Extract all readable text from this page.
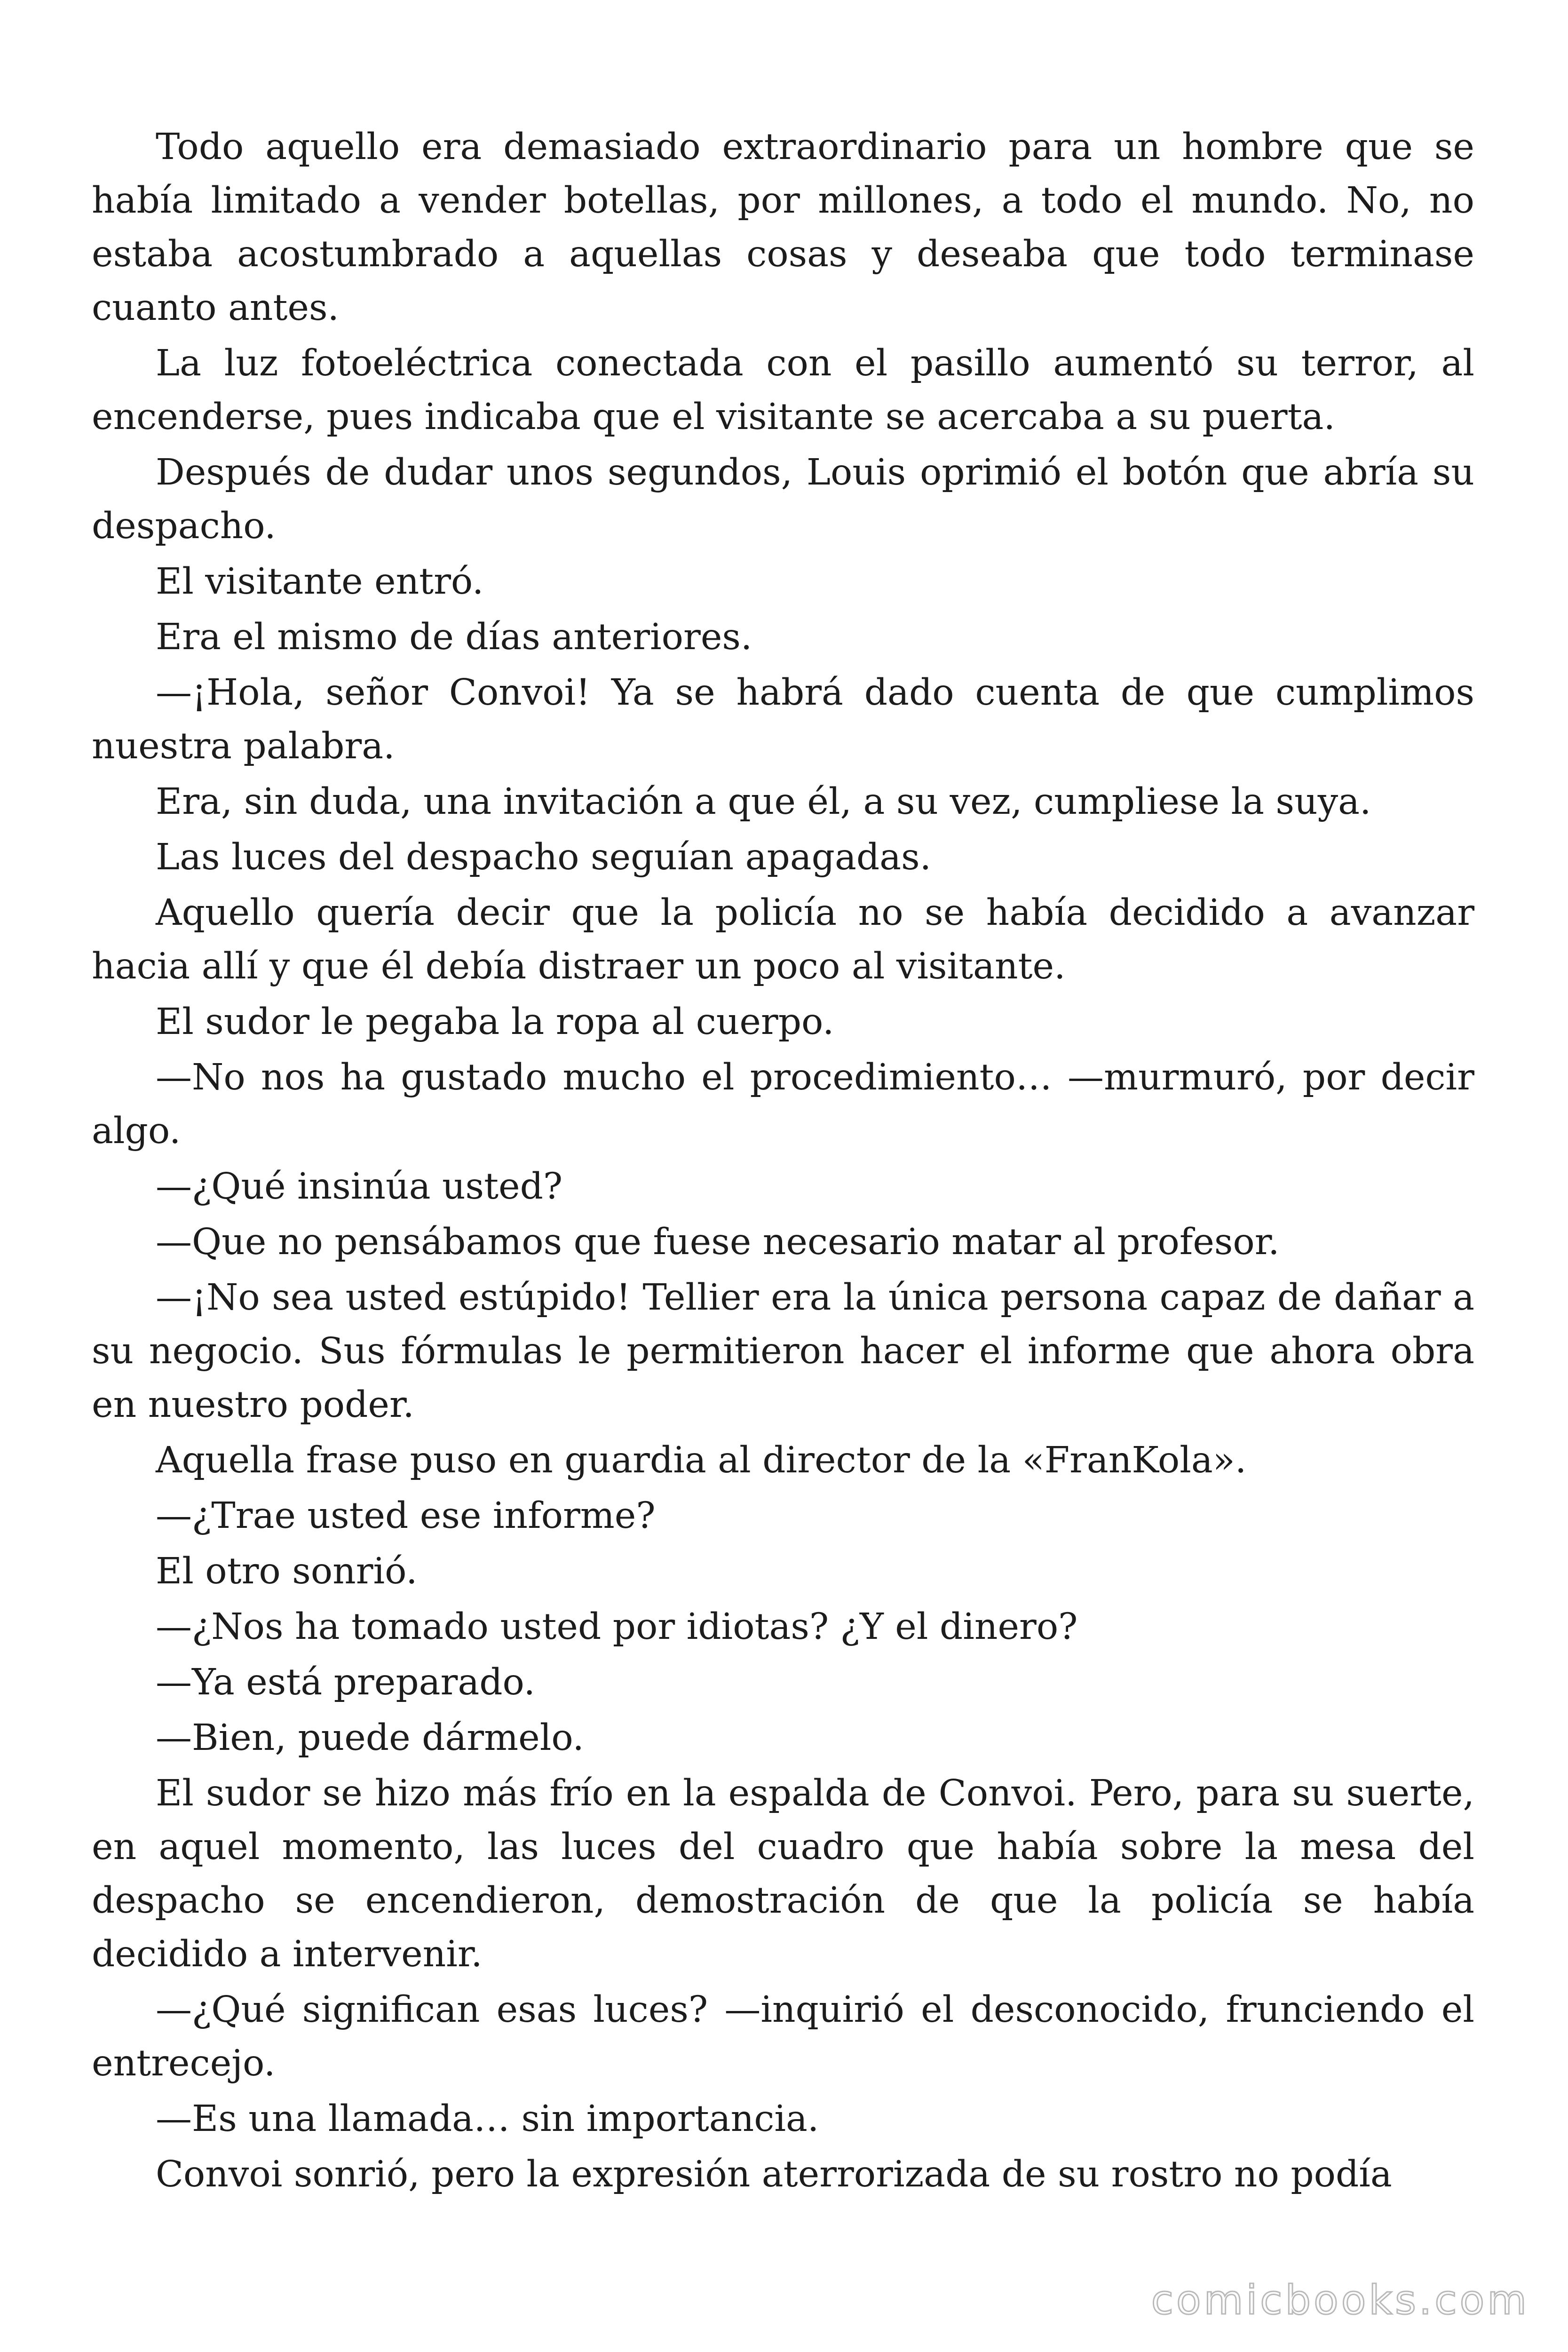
Todo aquello era demasiado extraordinario para un hombre que se había limitado a vender botellas, por millones, a todo el mundo. No, no estaba acostumbrado a aquellas cosas y deseaba que todo terminase cuanto antes.

La luz fotoeléctrica conectada con el pasillo aumentó su terror, al encenderse, pues indicaba que el visitante se acercaba a su puerta.

Después de dudar unos segundos, Louis oprimió el botón que abría su despacho.

El visitante entró.

Era el mismo de días anteriores.

—¡Hola, señor Convoi! Ya se habrá dado cuenta de que cumplimos nuestra palabra.

Era, sin duda, una invitación a que él, a su vez, cumpliese la suya.

Las luces del despacho seguían apagadas.

Aquello quería decir que la policía no se había decidido a avanzar hacia allí y que él debía distraer un poco al visitante.

El sudor le pegaba la ropa al cuerpo.

—No nos ha gustado mucho el procedimiento… —murmuró, por decir algo.

—¿Qué insinúa usted?

—Que no pensábamos que fuese necesario matar al profesor.

—¡No sea usted estúpido! Tellier era la única persona capaz de dañar a su negocio. Sus fórmulas le permitieron hacer el informe que ahora obra en nuestro poder.

Aquella frase puso en guardia al director de la «FranKola».

—¿Trae usted ese informe?

El otro sonrió.

—¿Nos ha tomado usted por idiotas? ¿Y el dinero?

—Ya está preparado.

—Bien, puede dármelo.

El sudor se hizo más frío en la espalda de Convoi. Pero, para su suerte, en aquel momento, las luces del cuadro que había sobre la mesa del despacho se encendieron, demostración de que la policía se había decidido a intervenir.

—¿Qué significan esas luces? —inquirió el desconocido, frunciendo el entrecejo.

—Es una llamada… sin importancia.

Convoi sonrió, pero la expresión aterrorizada de su rostro no podía

comicbooks.com
